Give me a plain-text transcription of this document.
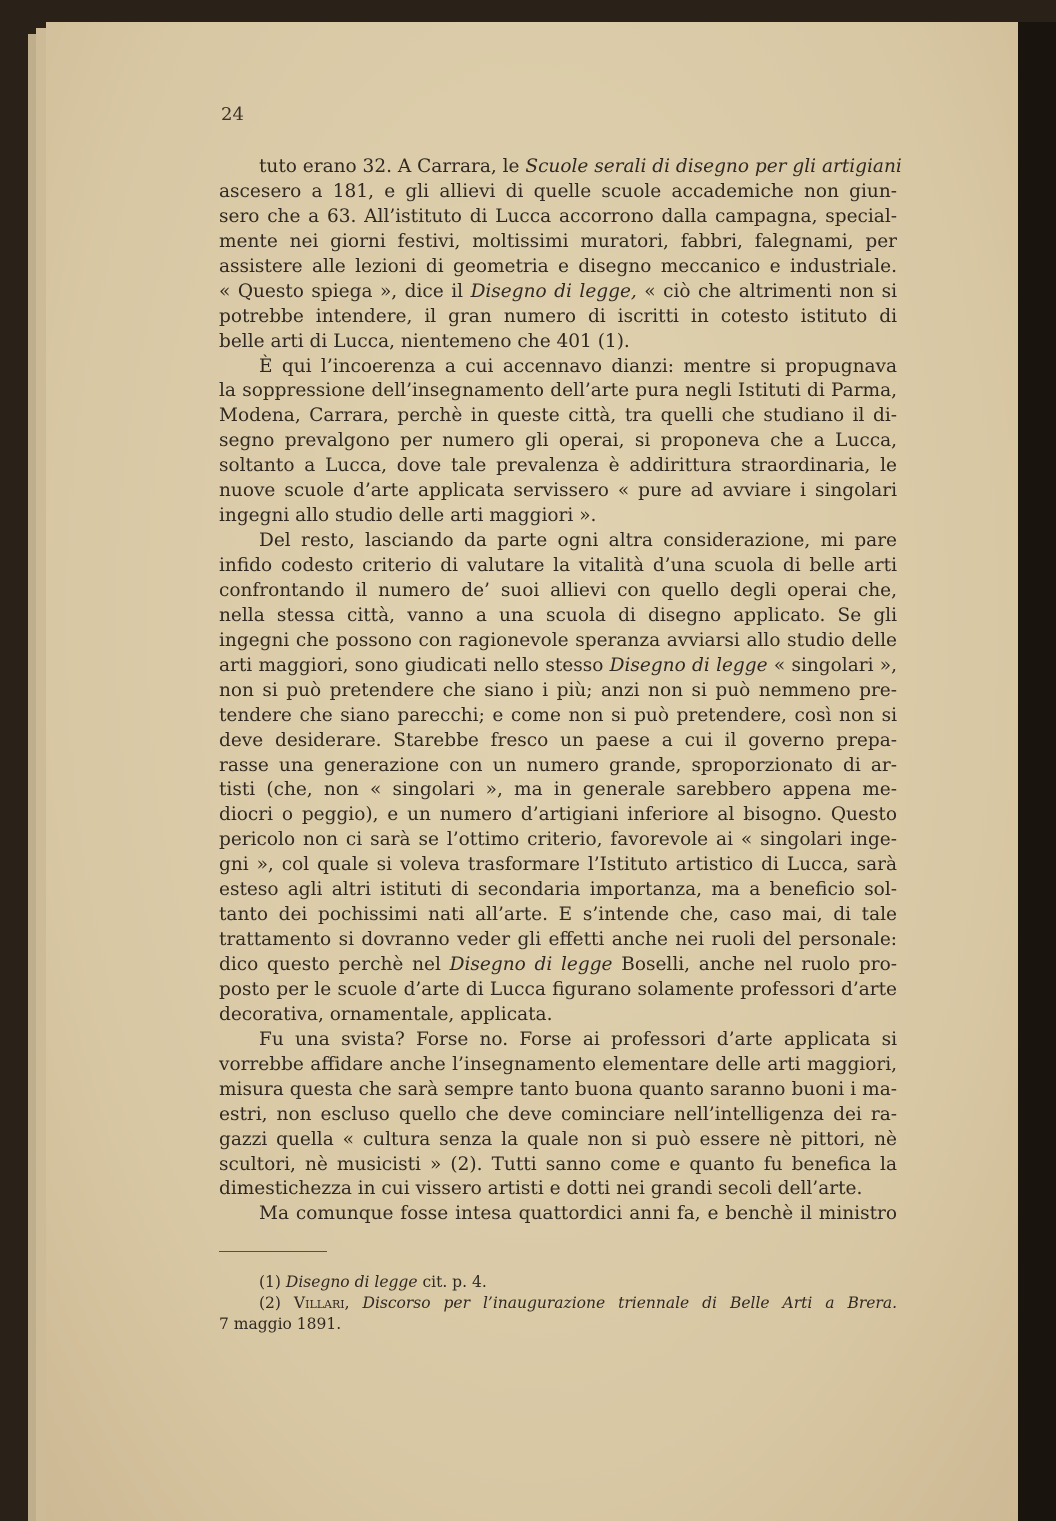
24
tuto erano 32. A Carrara, le Scuole serali di disegno per gli artigiani
ascesero a 181, e gli allievi di quelle scuole accademiche non giun-
sero che a 63. All’istituto di Lucca accorrono dalla campagna, special-
mente nei giorni festivi, moltissimi muratori, fabbri, falegnami, per
assistere alle lezioni di geometria e disegno meccanico e industriale.
« Questo spiega », dice il Disegno di legge, « ciò che altrimenti non si
potrebbe intendere, il gran numero di iscritti in cotesto istituto di
belle arti di Lucca, nientemeno che 401 (1).
È qui l’incoerenza a cui accennavo dianzi: mentre si propugnava
la soppressione dell’insegnamento dell’arte pura negli Istituti di Parma,
Modena, Carrara, perchè in queste città, tra quelli che studiano il di-
segno prevalgono per numero gli operai, si proponeva che a Lucca,
soltanto a Lucca, dove tale prevalenza è addirittura straordinaria, le
nuove scuole d’arte applicata servissero « pure ad avviare i singolari
ingegni allo studio delle arti maggiori ».
Del resto, lasciando da parte ogni altra considerazione, mi pare
infido codesto criterio di valutare la vitalità d’una scuola di belle arti
confrontando il numero de’ suoi allievi con quello degli operai che,
nella stessa città, vanno a una scuola di disegno applicato. Se gli
ingegni che possono con ragionevole speranza avviarsi allo studio delle
arti maggiori, sono giudicati nello stesso Disegno di legge « singolari »,
non si può pretendere che siano i più; anzi non si può nemmeno pre-
tendere che siano parecchi; e come non si può pretendere, così non si
deve desiderare. Starebbe fresco un paese a cui il governo prepa-
rasse una generazione con un numero grande, sproporzionato di ar-
tisti (che, non « singolari », ma in generale sarebbero appena me-
diocri o peggio), e un numero d’artigiani inferiore al bisogno. Questo
pericolo non ci sarà se l’ottimo criterio, favorevole ai « singolari inge-
gni », col quale si voleva trasformare l’Istituto artistico di Lucca, sarà
esteso agli altri istituti di secondaria importanza, ma a beneficio sol-
tanto dei pochissimi nati all’arte. E s’intende che, caso mai, di tale
trattamento si dovranno veder gli effetti anche nei ruoli del personale:
dico questo perchè nel Disegno di legge Boselli, anche nel ruolo pro-
posto per le scuole d’arte di Lucca figurano solamente professori d’arte
decorativa, ornamentale, applicata.
Fu una svista? Forse no. Forse ai professori d’arte applicata si
vorrebbe affidare anche l’insegnamento elementare delle arti maggiori,
misura questa che sarà sempre tanto buona quanto saranno buoni i ma-
estri, non escluso quello che deve cominciare nell’intelligenza dei ra-
gazzi quella « cultura senza la quale non si può essere nè pittori, nè
scultori, nè musicisti » (2). Tutti sanno come e quanto fu benefica la
dimestichezza in cui vissero artisti e dotti nei grandi secoli dell’arte.
Ma comunque fosse intesa quattordici anni fa, e benchè il ministro
(1) Disegno di legge cit. p. 4.
(2) Villari, Discorso per l’inaugurazione triennale di Belle Arti a Brera.
7 maggio 1891.
